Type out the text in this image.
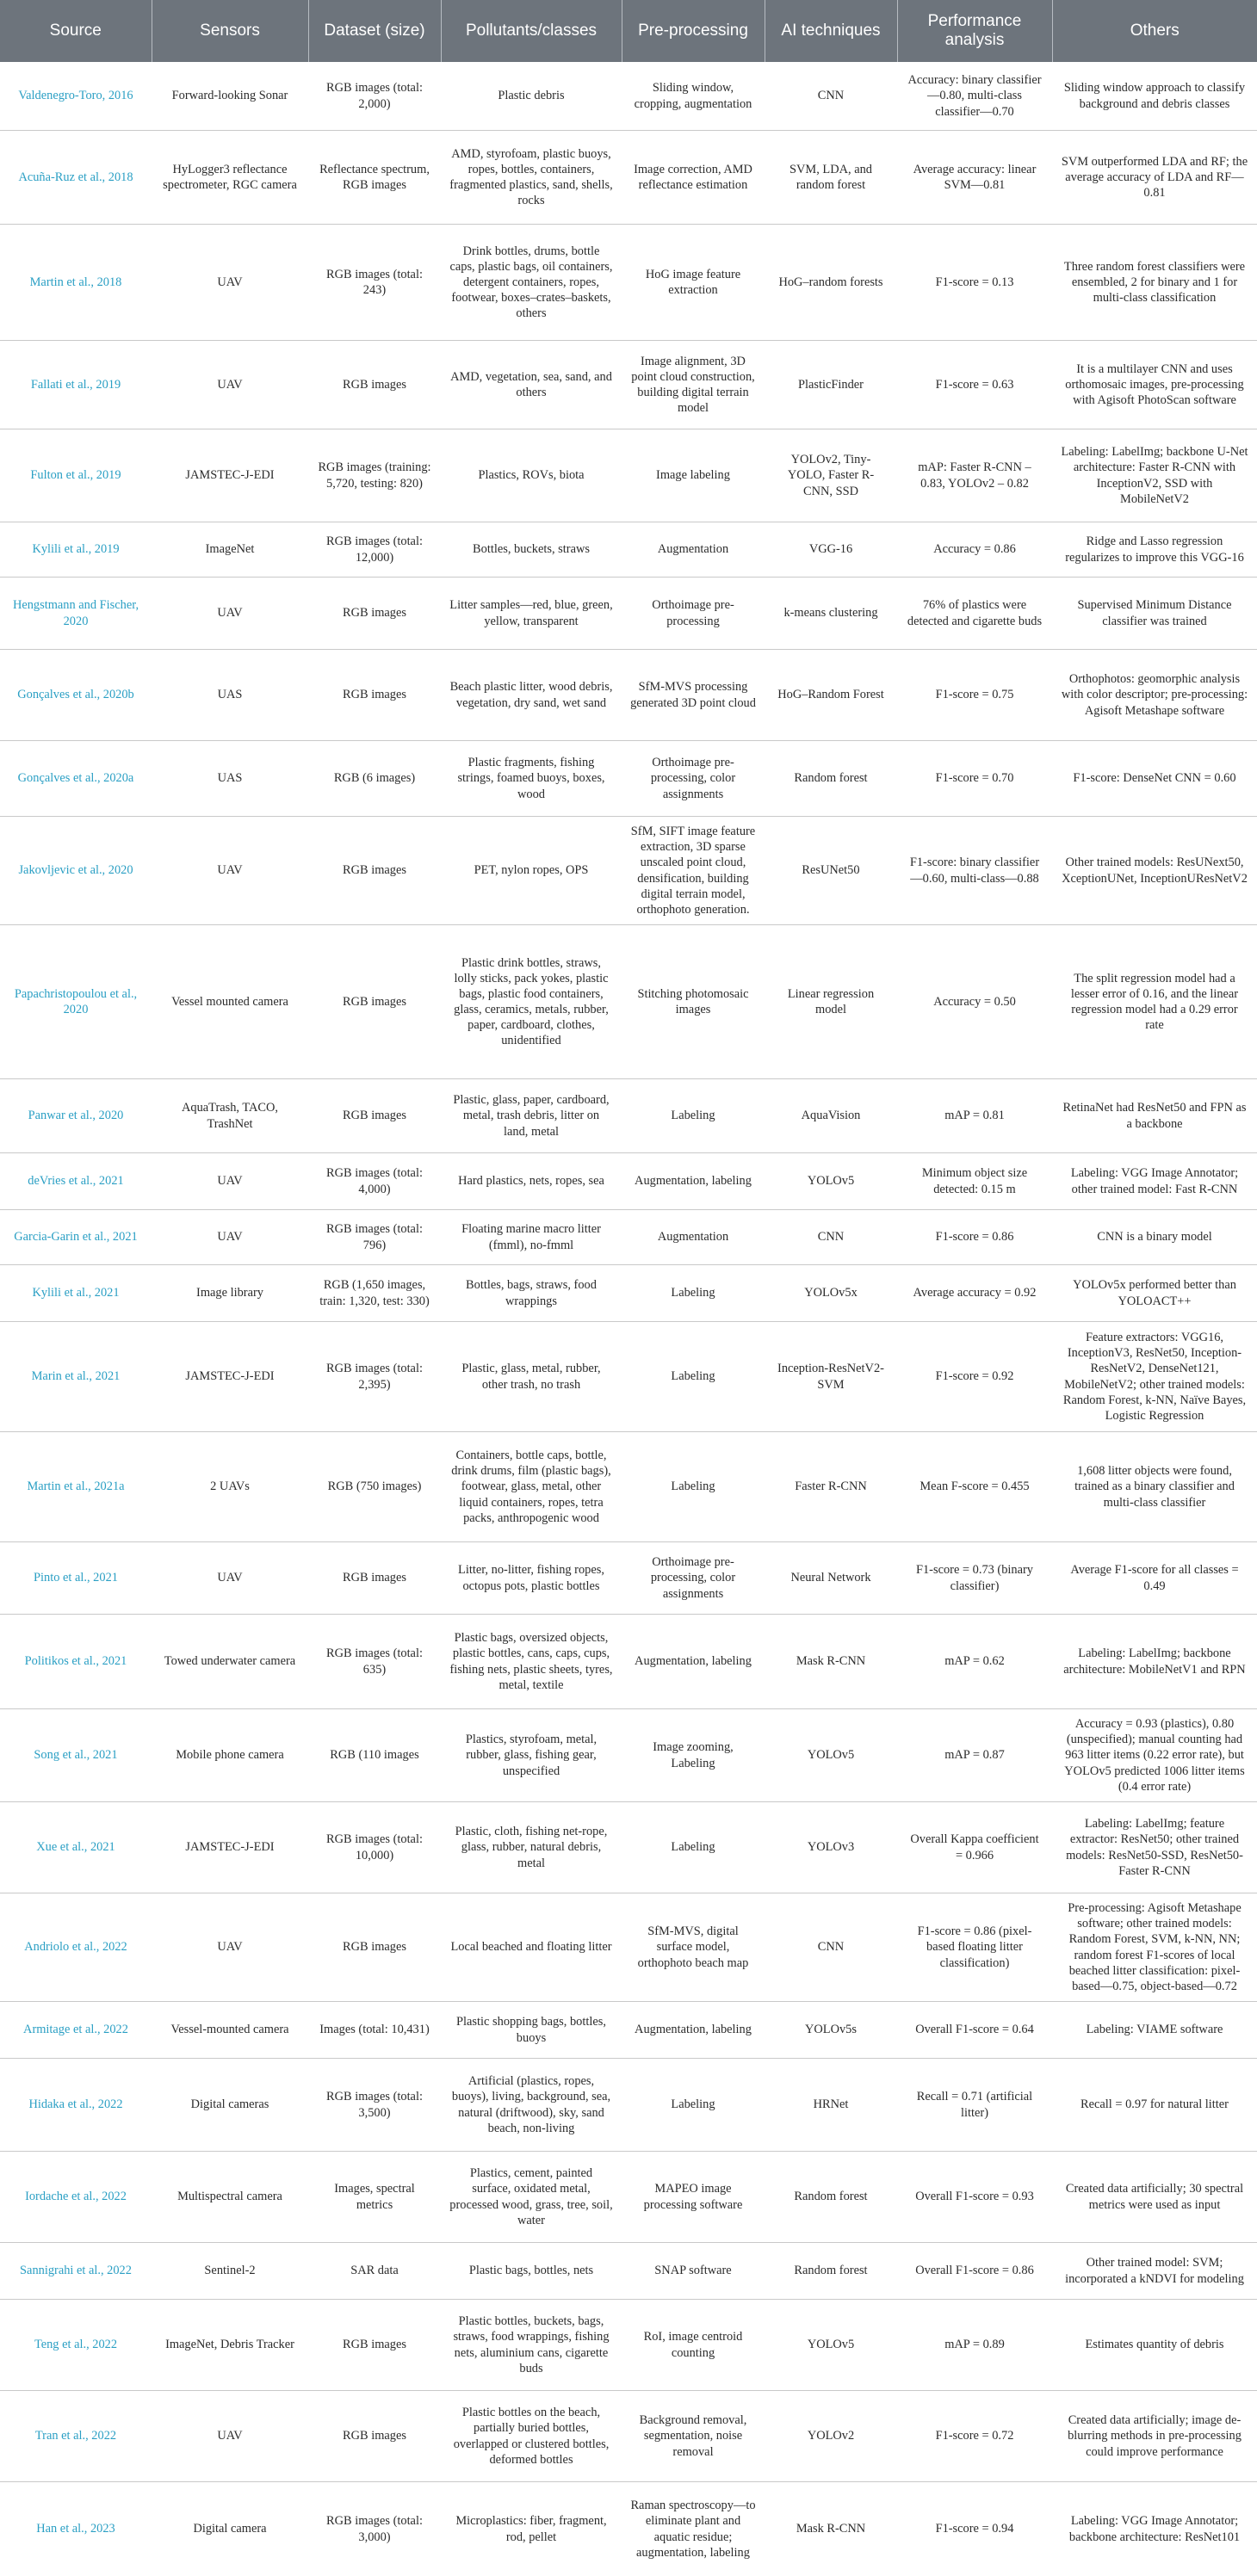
Source	Sensors	Dataset (size)	Pollutants/classes	Pre-processing	AI techniques	Performance analysis	Others
Valdenegro-Toro, 2016	Forward-looking Sonar	RGB images (total: 2,000)	Plastic debris	Sliding window, cropping, augmentation	CNN	Accuracy: binary classifier—0.80, multi-class classifier—0.70	Sliding window approach to classify background and debris classes
Acuña-Ruz et al., 2018	HyLogger3 reflectance spectrometer, RGC camera	Reflectance spectrum, RGB images	AMD, styrofoam, plastic buoys, ropes, bottles, containers, fragmented plastics, sand, shells, rocks	Image correction, AMD reflectance estimation	SVM, LDA, and random forest	Average accuracy: linear SVM—0.81	SVM outperformed LDA and RF; the average accuracy of LDA and RF—0.81
Martin et al., 2018	UAV	RGB images (total: 243)	Drink bottles, drums, bottle caps, plastic bags, oil containers, detergent containers, ropes, footwear, boxes–crates–baskets, others	HoG image feature extraction	HoG–random forests	F1-score = 0.13	Three random forest classifiers were ensembled, 2 for binary and 1 for multi-class classification
Fallati et al., 2019	UAV	RGB images	AMD, vegetation, sea, sand, and others	Image alignment, 3D point cloud construction, building digital terrain model	PlasticFinder	F1-score = 0.63	It is a multilayer CNN and uses orthomosaic images, pre-processing with Agisoft PhotoScan software
Fulton et al., 2019	JAMSTEC-J-EDI	RGB images (training: 5,720, testing: 820)	Plastics, ROVs, biota	Image labeling	YOLOv2, Tiny-YOLO, Faster R-CNN, SSD	mAP: Faster R-CNN – 0.83, YOLOv2 – 0.82	Labeling: LabelImg; backbone U-Net architecture: Faster R-CNN with InceptionV2, SSD with MobileNetV2
Kylili et al., 2019	ImageNet	RGB images (total: 12,000)	Bottles, buckets, straws	Augmentation	VGG-16	Accuracy = 0.86	Ridge and Lasso regression regularizes to improve this VGG-16
Hengstmann and Fischer, 2020	UAV	RGB images	Litter samples—red, blue, green, yellow, transparent	Orthoimage pre-processing	k-means clustering	76% of plastics were detected and cigarette buds	Supervised Minimum Distance classifier was trained
Gonçalves et al., 2020b	UAS	RGB images	Beach plastic litter, wood debris, vegetation, dry sand, wet sand	SfM-MVS processing generated 3D point cloud	HoG–Random Forest	F1-score = 0.75	Orthophotos: geomorphic analysis with color descriptor; pre-processing: Agisoft Metashape software
Gonçalves et al., 2020a	UAS	RGB (6 images)	Plastic fragments, fishing strings, foamed buoys, boxes, wood	Orthoimage pre-processing, color assignments	Random forest	F1-score = 0.70	F1-score: DenseNet CNN = 0.60
Jakovljevic et al., 2020	UAV	RGB images	PET, nylon ropes, OPS	SfM, SIFT image feature extraction, 3D sparse unscaled point cloud, densification, building digital terrain model, orthophoto generation.	ResUNet50	F1-score: binary classifier—0.60, multi-class—0.88	Other trained models: ResUNext50, XceptionUNet, InceptionUResNetV2
Papachristopoulou et al., 2020	Vessel mounted camera	RGB images	Plastic drink bottles, straws, lolly sticks, pack yokes, plastic bags, plastic food containers, glass, ceramics, metals, rubber, paper, cardboard, clothes, unidentified	Stitching photomosaic images	Linear regression model	Accuracy = 0.50	The split regression model had a lesser error of 0.16, and the linear regression model had a 0.29 error rate
Panwar et al., 2020	AquaTrash, TACO, TrashNet	RGB images	Plastic, glass, paper, cardboard, metal, trash debris, litter on land, metal	Labeling	AquaVision	mAP = 0.81	RetinaNet had ResNet50 and FPN as a backbone
deVries et al., 2021	UAV	RGB images (total: 4,000)	Hard plastics, nets, ropes, sea	Augmentation, labeling	YOLOv5	Minimum object size detected: 0.15 m	Labeling: VGG Image Annotator; other trained model: Fast R-CNN
Garcia-Garin et al., 2021	UAV	RGB images (total: 796)	Floating marine macro litter (fmml), no-fmml	Augmentation	CNN	F1-score = 0.86	CNN is a binary model
Kylili et al., 2021	Image library	RGB (1,650 images, train: 1,320, test: 330)	Bottles, bags, straws, food wrappings	Labeling	YOLOv5x	Average accuracy = 0.92	YOLOv5x performed better than YOLOACT++
Marin et al., 2021	JAMSTEC-J-EDI	RGB images (total: 2,395)	Plastic, glass, metal, rubber, other trash, no trash	Labeling	Inception-ResNetV2-SVM	F1-score = 0.92	Feature extractors: VGG16, InceptionV3, ResNet50, Inception-ResNetV2, DenseNet121, MobileNetV2; other trained models: Random Forest, k-NN, Naïve Bayes, Logistic Regression
Martin et al., 2021a	2 UAVs	RGB (750 images)	Containers, bottle caps, bottle, drink drums, film (plastic bags), footwear, glass, metal, other liquid containers, ropes, tetra packs, anthropogenic wood	Labeling	Faster R-CNN	Mean F-score = 0.455	1,608 litter objects were found, trained as a binary classifier and multi-class classifier
Pinto et al., 2021	UAV	RGB images	Litter, no-litter, fishing ropes, octopus pots, plastic bottles	Orthoimage pre-processing, color assignments	Neural Network	F1-score = 0.73 (binary classifier)	Average F1-score for all classes = 0.49
Politikos et al., 2021	Towed underwater camera	RGB images (total: 635)	Plastic bags, oversized objects, plastic bottles, cans, caps, cups, fishing nets, plastic sheets, tyres, metal, textile	Augmentation, labeling	Mask R-CNN	mAP = 0.62	Labeling: LabelImg; backbone architecture: MobileNetV1 and RPN
Song et al., 2021	Mobile phone camera	RGB (110 images	Plastics, styrofoam, metal, rubber, glass, fishing gear, unspecified	Image zooming, Labeling	YOLOv5	mAP = 0.87	Accuracy = 0.93 (plastics), 0.80 (unspecified); manual counting had 963 litter items (0.22 error rate), but YOLOv5 predicted 1006 litter items (0.4 error rate)
Xue et al., 2021	JAMSTEC-J-EDI	RGB images (total: 10,000)	Plastic, cloth, fishing net-rope, glass, rubber, natural debris, metal	Labeling	YOLOv3	Overall Kappa coefficient = 0.966	Labeling: LabelImg; feature extractor: ResNet50; other trained models: ResNet50-SSD, ResNet50-Faster R-CNN
Andriolo et al., 2022	UAV	RGB images	Local beached and floating litter	SfM-MVS, digital surface model, orthophoto beach map	CNN	F1-score = 0.86 (pixel-based floating litter classification)	Pre-processing: Agisoft Metashape software; other trained models: Random Forest, SVM, k-NN, NN; random forest F1-scores of local beached litter classification: pixel-based—0.75, object-based—0.72
Armitage et al., 2022	Vessel-mounted camera	Images (total: 10,431)	Plastic shopping bags, bottles, buoys	Augmentation, labeling	YOLOv5s	Overall F1-score = 0.64	Labeling: VIAME software
Hidaka et al., 2022	Digital cameras	RGB images (total: 3,500)	Artificial (plastics, ropes, buoys), living, background, sea, natural (driftwood), sky, sand beach, non-living	Labeling	HRNet	Recall = 0.71 (artificial litter)	Recall = 0.97 for natural litter
Iordache et al., 2022	Multispectral camera	Images, spectral metrics	Plastics, cement, painted surface, oxidated metal, processed wood, grass, tree, soil, water	MAPEO image processing software	Random forest	Overall F1-score = 0.93	Created data artificially; 30 spectral metrics were used as input
Sannigrahi et al., 2022	Sentinel-2	SAR data	Plastic bags, bottles, nets	SNAP software	Random forest	Overall F1-score = 0.86	Other trained model: SVM; incorporated a kNDVI for modeling
Teng et al., 2022	ImageNet, Debris Tracker	RGB images	Plastic bottles, buckets, bags, straws, food wrappings, fishing nets, aluminium cans, cigarette buds	RoI, image centroid counting	YOLOv5	mAP = 0.89	Estimates quantity of debris
Tran et al., 2022	UAV	RGB images	Plastic bottles on the beach, partially buried bottles, overlapped or clustered bottles, deformed bottles	Background removal, segmentation, noise removal	YOLOv2	F1-score = 0.72	Created data artificially; image de-blurring methods in pre-processing could improve performance
Han et al., 2023	Digital camera	RGB images (total: 3,000)	Microplastics: fiber, fragment, rod, pellet	Raman spectroscopy—to eliminate plant and aquatic residue; augmentation, labeling	Mask R-CNN	F1-score = 0.94	Labeling: VGG Image Annotator; backbone architecture: ResNet101
